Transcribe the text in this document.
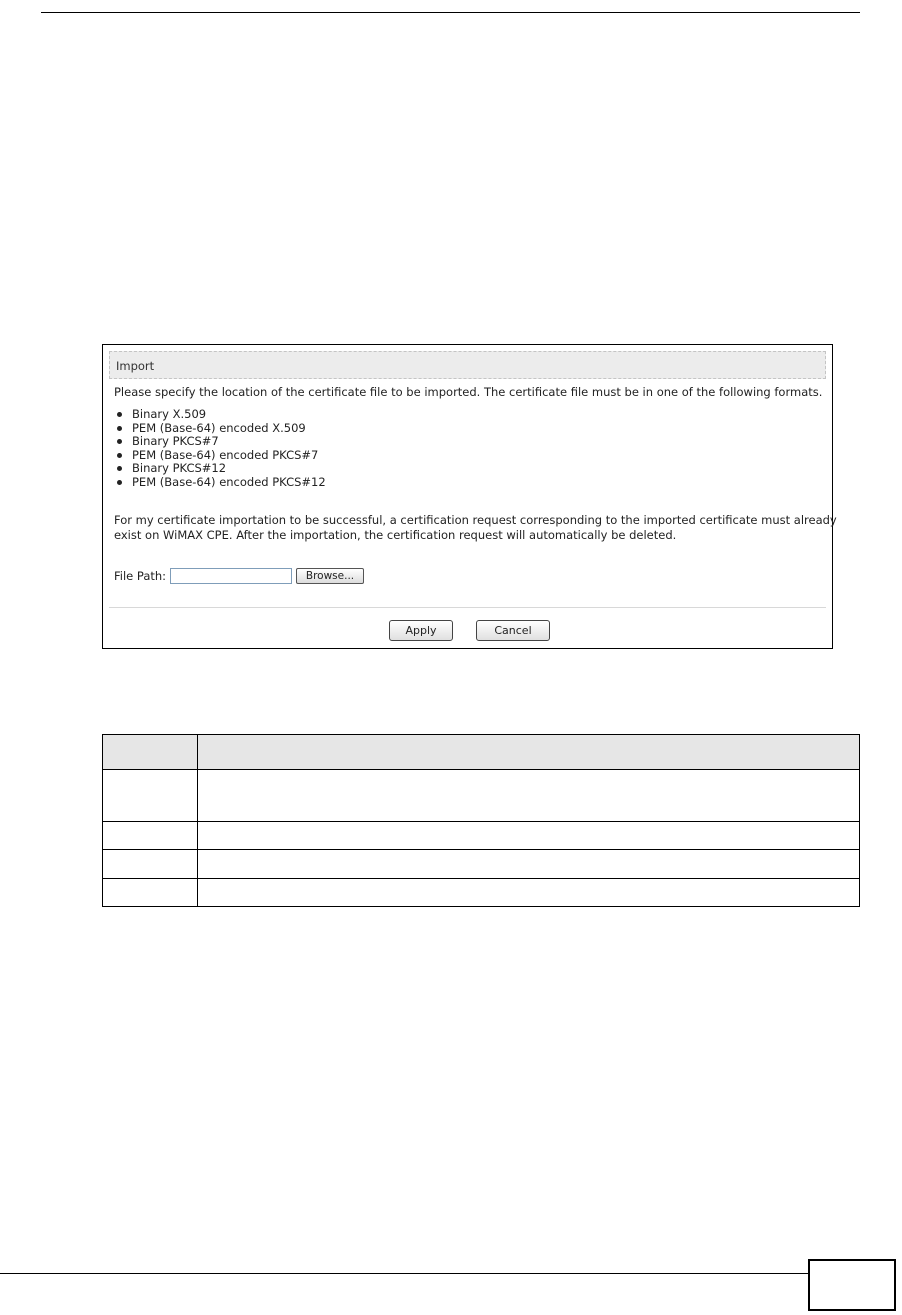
Import
Please specify the location of the certificate file to be imported. The certificate file must be in one of the following formats.
Binary X.509
PEM (Base-64) encoded X.509
Binary PKCS#7
PEM (Base-64) encoded PKCS#7
Binary PKCS#12
PEM (Base-64) encoded PKCS#12
For my certificate importation to be successful, a certification request corresponding to the imported certificate must already
exist on WiMAX CPE. After the importation, the certification request will automatically be deleted.
File Path:	Browse...
Apply	Cancel
